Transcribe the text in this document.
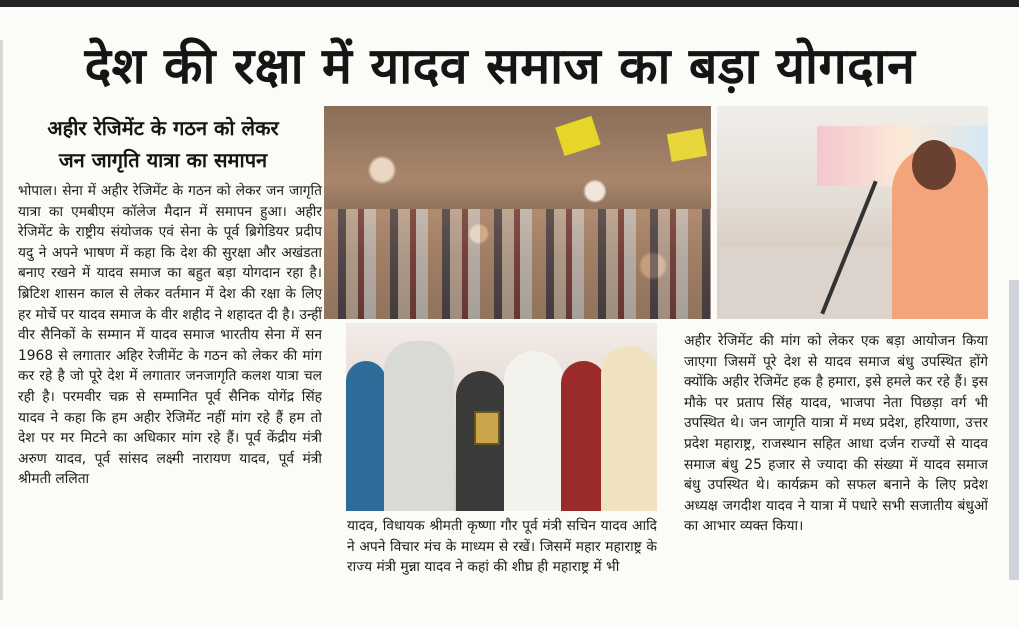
देश की रक्षा में यादव समाज का बड़ा योगदान
अहीर रेजिमेंट के गठन को लेकर
जन जागृति यात्रा का समापन
भोपाल। सेना में अहीर रेजिमेंट के गठन को लेकर जन जागृति यात्रा का एमबीएम कॉलेज मैदान में समापन हुआ। अहीर रेजिमेंट के राष्ट्रीय संयोजक एवं सेना के पूर्व ब्रिगेडियर प्रदीप यदु ने अपने भाषण में कहा कि देश की सुरक्षा और अखंडता बनाए रखने में यादव समाज का बहुत बड़ा योगदान रहा है। ब्रिटिश शासन काल से लेकर वर्तमान में देश की रक्षा के लिए हर मोर्चे पर यादव समाज के वीर शहीद ने शहादत दी है। उन्हीं वीर सैनिकों के सम्मान में यादव समाज भारतीय सेना में सन 1968 से लगातार अहिर रेजीमेंट के गठन को लेकर की मांग कर रहे है जो पूरे देश में लगातार जनजागृति कलश यात्रा चल रही है। परमवीर चक्र से सम्मानित पूर्व सैनिक योगेंद्र सिंह यादव ने कहा कि हम अहीर रेजिमेंट नहीं मांग रहे हैं हम तो देश पर मर मिटने का अधिकार मांग रहे हैं। पूर्व केंद्रीय मंत्री अरुण यादव, पूर्व सांसद लक्ष्मी नारायण यादव, पूर्व मंत्री श्रीमती ललिता
यादव, विधायक श्रीमती कृष्णा गौर पूर्व मंत्री सचिन यादव आदि ने अपने विचार मंच के माध्यम से रखें। जिसमें महार महाराष्ट्र के राज्य मंत्री मुन्ना यादव ने कहां की शीघ्र ही महाराष्ट्र में भी
अहीर रेजिमेंट की मांग को लेकर एक बड़ा आयोजन किया जाएगा जिसमें पूरे देश से यादव समाज बंधु उपस्थित होंगे क्योंकि अहीर रेजिमेंट हक है हमारा, इसे हमले कर रहे हैं। इस मौके पर प्रताप सिंह यादव, भाजपा नेता पिछड़ा वर्ग भी उपस्थित थे। जन जागृति यात्रा में मध्य प्रदेश, हरियाणा, उत्तर प्रदेश महाराष्ट्र, राजस्थान सहित आधा दर्जन राज्यों से यादव समाज बंधु 25 हजार से ज्यादा की संख्या में यादव समाज बंधु उपस्थित थे। कार्यक्रम को सफल बनाने के लिए प्रदेश अध्यक्ष जगदीश यादव ने यात्रा में पधारे सभी सजातीय बंधुओं का आभार व्यक्त किया।
